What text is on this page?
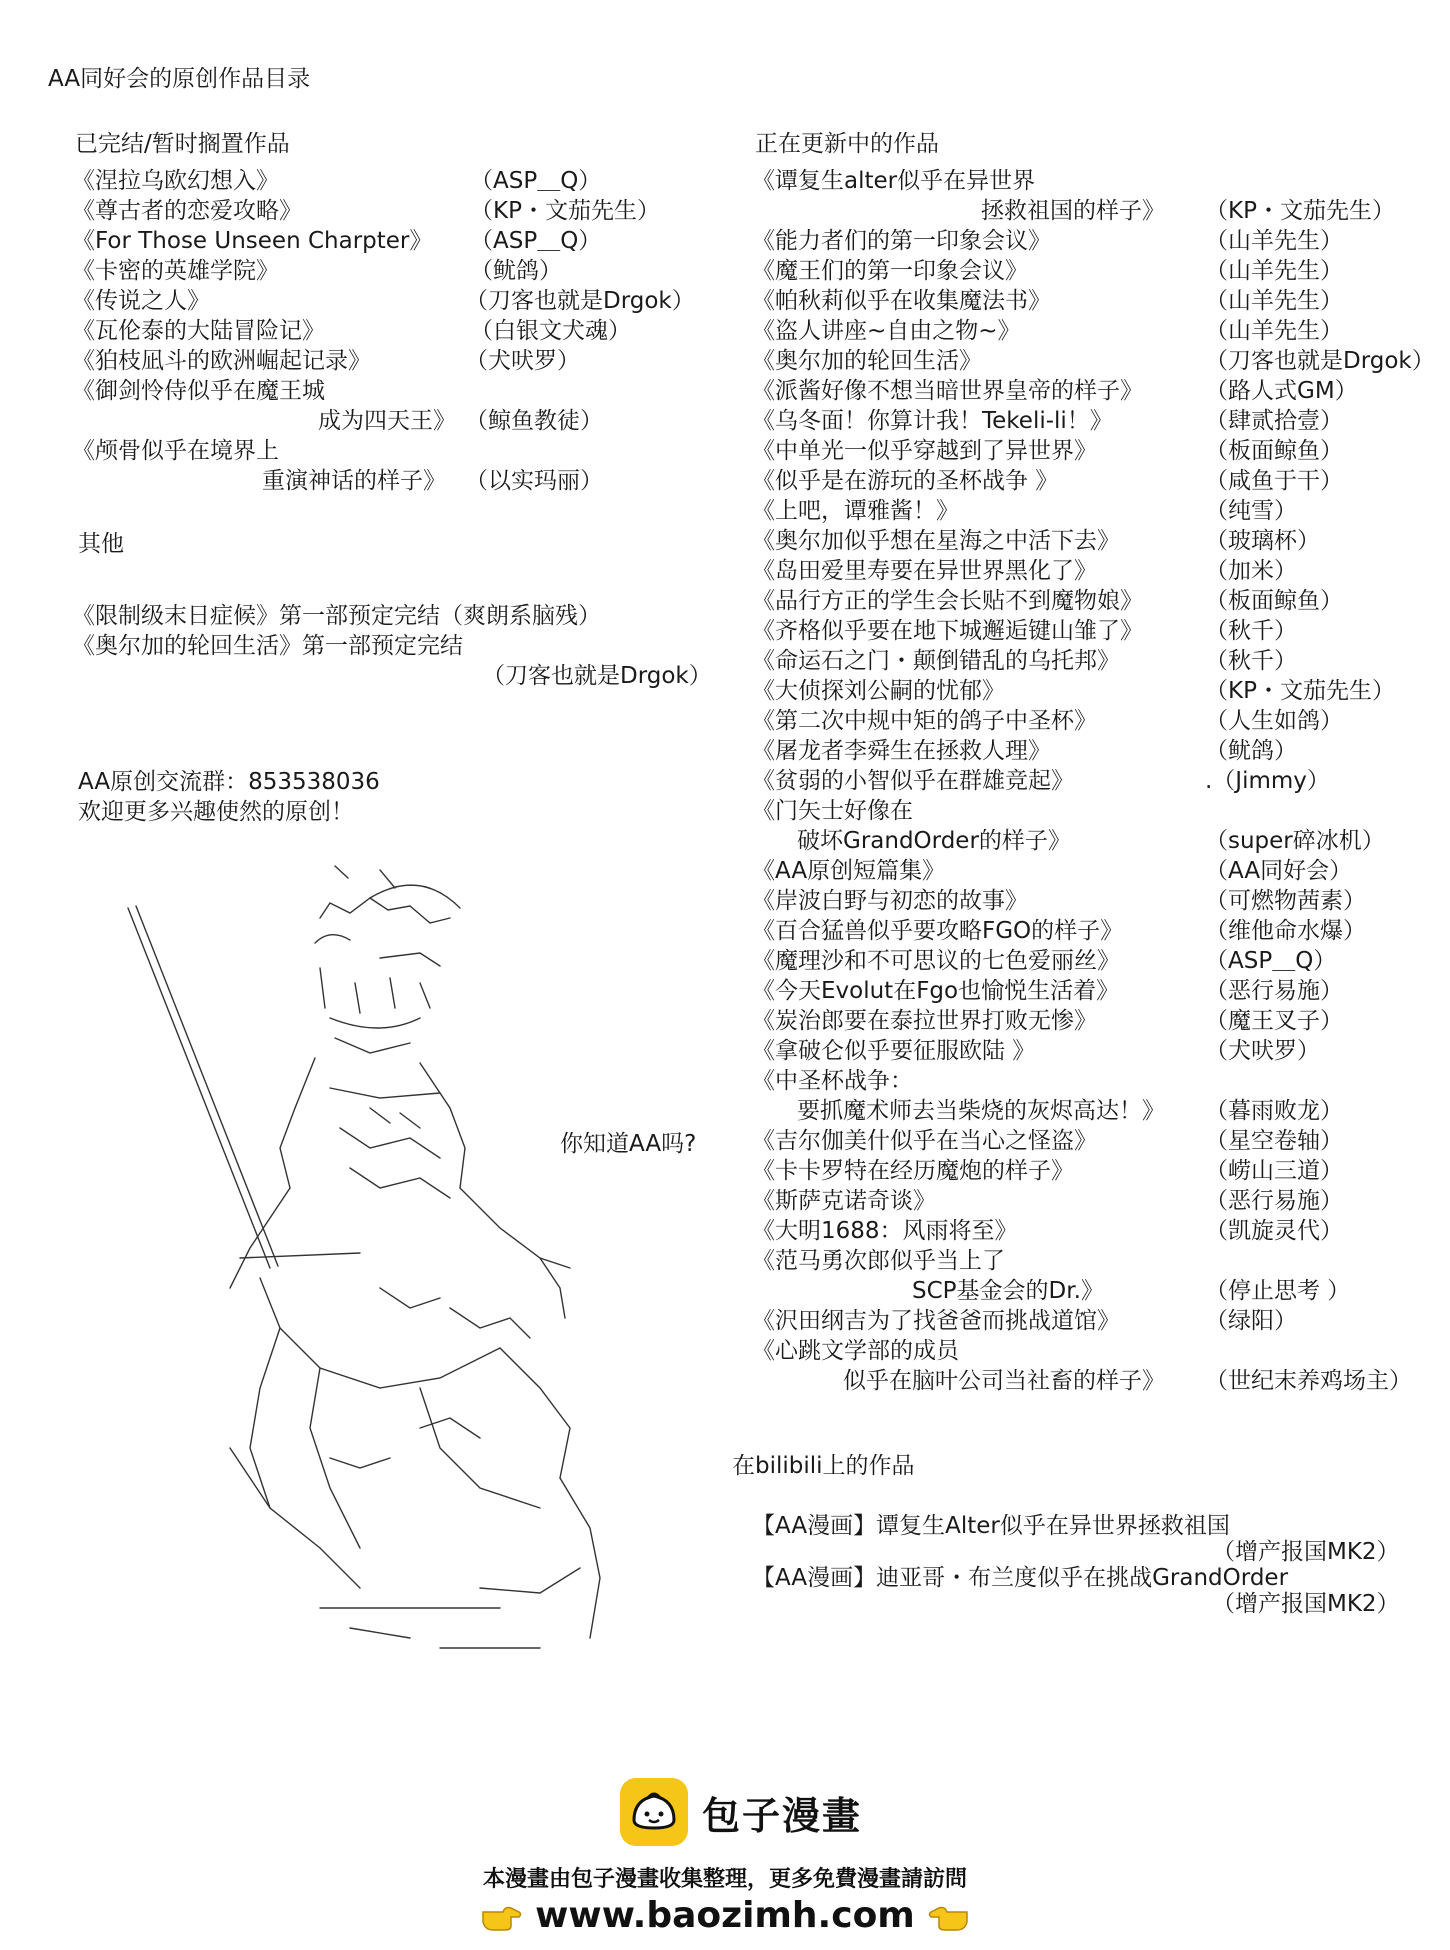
AA同好会的原创作品目录
已完结/暂时搁置作品
《涅拉乌欧幻想入》	（ASP＿Q）
《尊古者的恋爱攻略》	（KP・文茄先生）
《For Those Unseen Charpter》 （ASP＿Q）
《卡密的英雄学院》	（鱿鸽）
《传说之人》	（刀客也就是Drgok）
《瓦伦泰的大陆冒险记》	（白银文犬魂）
《狛枝凪斗的欧洲崛起记录》	（犬吠罗）
《御剑怜侍似乎在魔王城
成为四天王》 （鲸鱼教徒）
《颅骨似乎在境界上
重演神话的样子》 （以实玛丽）
其他
《限制级末日症候》第一部预定完结（爽朗系脑残）
《奥尔加的轮回生活》第一部预定完结
（刀客也就是Drgok）
AA原创交流群：853538036
欢迎更多兴趣使然的原创！
你知道AA吗?
正在更新中的作品
《谭复生alter似乎在异世界
拯救祖国的样子》 （KP・文茄先生）
《能力者们的第一印象会议》	（山羊先生）
《魔王们的第一印象会议》	（山羊先生）
《帕秋莉似乎在收集魔法书》	（山羊先生）
《盗人讲座~自由之物~》	（山羊先生）
《奥尔加的轮回生活》	（刀客也就是Drgok）
《派酱好像不想当暗世界皇帝的样子》	（路人式GM）
《乌冬面！你算计我！Tekeli-li！》	（肆贰拾壹）
《中单光一似乎穿越到了异世界》	（板面鲸鱼）
《似乎是在游玩的圣杯战争 》	（咸鱼于干）
《上吧，谭雅酱！》	（纯雪）
《奥尔加似乎想在星海之中活下去》	（玻璃杯）
《岛田爱里寿要在异世界黑化了》	（加米）
《品行方正的学生会长贴不到魔物娘》	（板面鲸鱼）
《齐格似乎要在地下城邂逅键山雏了》	（秋千）
《命运石之门・颠倒错乱的乌托邦》	（秋千）
《大侦探刘公嗣的忧郁》	（KP・文茄先生）
《第二次中规中矩的鸽子中圣杯》	（人生如鸽）
《屠龙者李舜生在拯救人理》	（鱿鸽）
《贫弱的小智似乎在群雄竞起》	.（Jimmy）
《门矢士好像在
破坏GrandOrder的样子》	（super碎冰机）
《AA原创短篇集》	（AA同好会）
《岸波白野与初恋的故事》	（可燃物茜素）
《百合猛兽似乎要攻略FGO的样子》	（维他命水爆）
《魔理沙和不可思议的七色爱丽丝》	（ASP＿Q）
《今天Evolut在Fgo也愉悦生活着》	（恶行易施）
《炭治郎要在泰拉世界打败无惨》	（魔王叉子）
《拿破仑似乎要征服欧陆 》	（犬吠罗）
《中圣杯战争：
要抓魔术师去当柴烧的灰烬高达！》 （暮雨败龙）
《吉尔伽美什似乎在当心之怪盗》	（星空卷轴）
《卡卡罗特在经历魔炮的样子》	（崂山三道）
《斯萨克诺奇谈》	（恶行易施）
《大明1688：风雨将至》	（凯旋灵代）
《范马勇次郎似乎当上了
SCP基金会的Dr.》	（停止思考 ）
《沢田纲吉为了找爸爸而挑战道馆》	（绿阳）
《心跳文学部的成员
似乎在脑叶公司当社畜的样子》 （世纪末养鸡场主）
在bilibili上的作品
【AA漫画】谭复生Alter似乎在异世界拯救祖国
（增产报国MK2）
【AA漫画】迪亚哥・布兰度似乎在挑战GrandOrder
（增产报国MK2）
包子漫畫
本漫畫由包子漫畫收集整理，更多免費漫畫請訪問
www.baozimh.com
